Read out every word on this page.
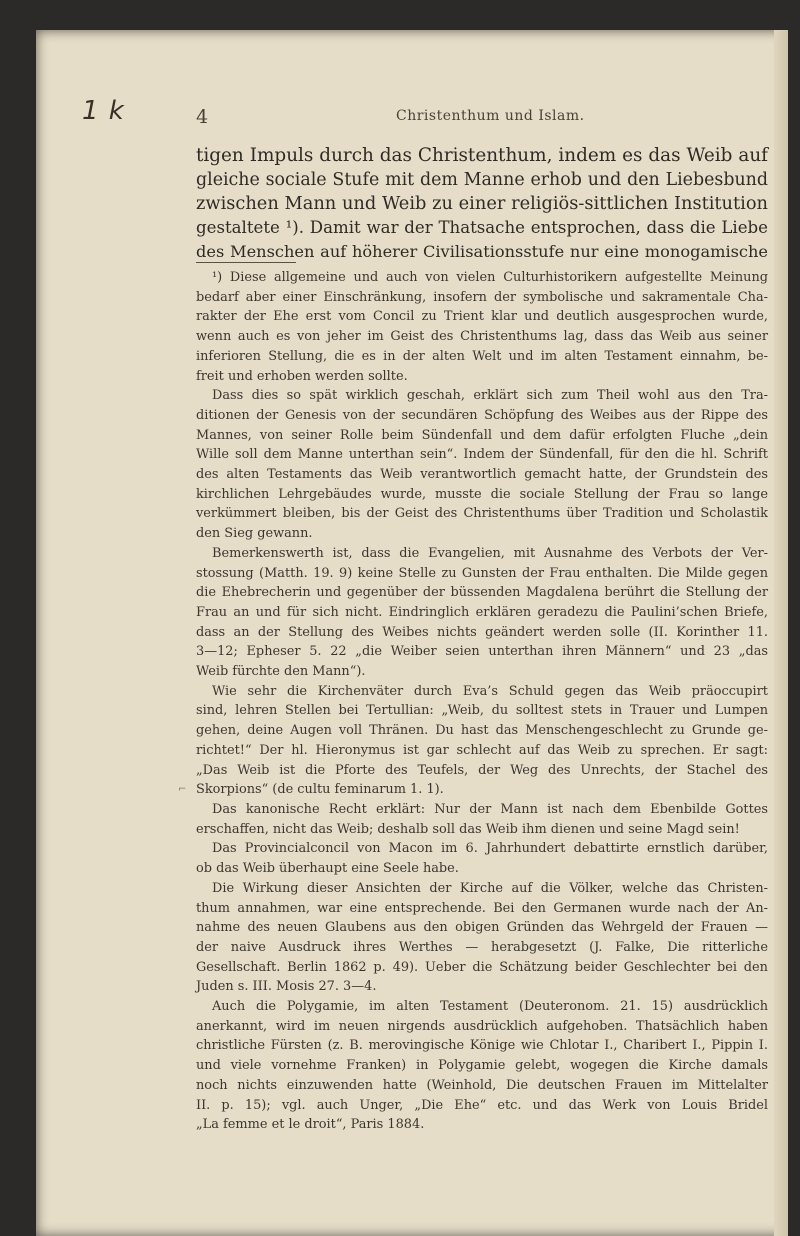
1 k	4	Christenthum und Islam.

tigen Impuls durch das Christenthum, indem es das Weib auf

gleiche sociale Stufe mit dem Manne erhob und den Liebesbund

zwischen Mann und Weib zu einer religiös-sittlichen Institution

gestaltete ¹). Damit war der Thatsache entsprochen, dass die Liebe

des Menschen auf höherer Civilisationsstufe nur eine monogamische

¹) Diese allgemeine und auch von vielen Culturhistorikern aufgestellte Meinung

bedarf aber einer Einschränkung, insofern der symbolische und sakramentale Cha-

rakter der Ehe erst vom Concil zu Trient klar und deutlich ausgesprochen wurde,

wenn auch es von jeher im Geist des Christenthums lag, dass das Weib aus seiner

inferioren Stellung, die es in der alten Welt und im alten Testament einnahm, be-

freit und erhoben werden sollte.

Dass dies so spät wirklich geschah, erklärt sich zum Theil wohl aus den Tra-

ditionen der Genesis von der secundären Schöpfung des Weibes aus der Rippe des

Mannes, von seiner Rolle beim Sündenfall und dem dafür erfolgten Fluche „dein

Wille soll dem Manne unterthan sein“. Indem der Sündenfall, für den die hl. Schrift

des alten Testaments das Weib verantwortlich gemacht hatte, der Grundstein des

kirchlichen Lehrgebäudes wurde, musste die sociale Stellung der Frau so lange

verkümmert bleiben, bis der Geist des Christenthums über Tradition und Scholastik

den Sieg gewann.

Bemerkenswerth ist, dass die Evangelien, mit Ausnahme des Verbots der Ver-

stossung (Matth. 19. 9) keine Stelle zu Gunsten der Frau enthalten. Die Milde gegen

die Ehebrecherin und gegenüber der büssenden Magdalena berührt die Stellung der

Frau an und für sich nicht. Eindringlich erklären geradezu die Paulini’schen Briefe,

dass an der Stellung des Weibes nichts geändert werden solle (II. Korinther 11.

3—12; Epheser 5. 22 „die Weiber seien unterthan ihren Männern“ und 23 „das

Weib fürchte den Mann“).

Wie sehr die Kirchenväter durch Eva’s Schuld gegen das Weib präoccupirt

sind, lehren Stellen bei Tertullian: „Weib, du solltest stets in Trauer und Lumpen

gehen, deine Augen voll Thränen. Du hast das Menschengeschlecht zu Grunde ge-

richtet!“ Der hl. Hieronymus ist gar schlecht auf das Weib zu sprechen. Er sagt:

„Das Weib ist die Pforte des Teufels, der Weg des Unrechts, der Stachel des

Skorpions“ (de cultu feminarum 1. 1).

Das kanonische Recht erklärt: Nur der Mann ist nach dem Ebenbilde Gottes

erschaffen, nicht das Weib; deshalb soll das Weib ihm dienen und seine Magd sein!

Das Provincialconcil von Macon im 6. Jahrhundert debattirte ernstlich darüber,

ob das Weib überhaupt eine Seele habe.

Die Wirkung dieser Ansichten der Kirche auf die Völker, welche das Christen-

thum annahmen, war eine entsprechende. Bei den Germanen wurde nach der An-

nahme des neuen Glaubens aus den obigen Gründen das Wehrgeld der Frauen —

der naive Ausdruck ihres Werthes — herabgesetzt (J. Falke, Die ritterliche

Gesellschaft. Berlin 1862 p. 49). Ueber die Schätzung beider Geschlechter bei den

Juden s. III. Mosis 27. 3—4.

Auch die Polygamie, im alten Testament (Deuteronom. 21. 15) ausdrücklich

anerkannt, wird im neuen nirgends ausdrücklich aufgehoben. Thatsächlich haben

christliche Fürsten (z. B. merovingische Könige wie Chlotar I., Charibert I., Pippin I.

und viele vornehme Franken) in Polygamie gelebt, wogegen die Kirche damals

noch nichts einzuwenden hatte (Weinhold, Die deutschen Frauen im Mittelalter

II. p. 15); vgl. auch Unger, „Die Ehe“ etc. und das Werk von Louis Bridel

„La femme et le droit“, Paris 1884.

⌐
